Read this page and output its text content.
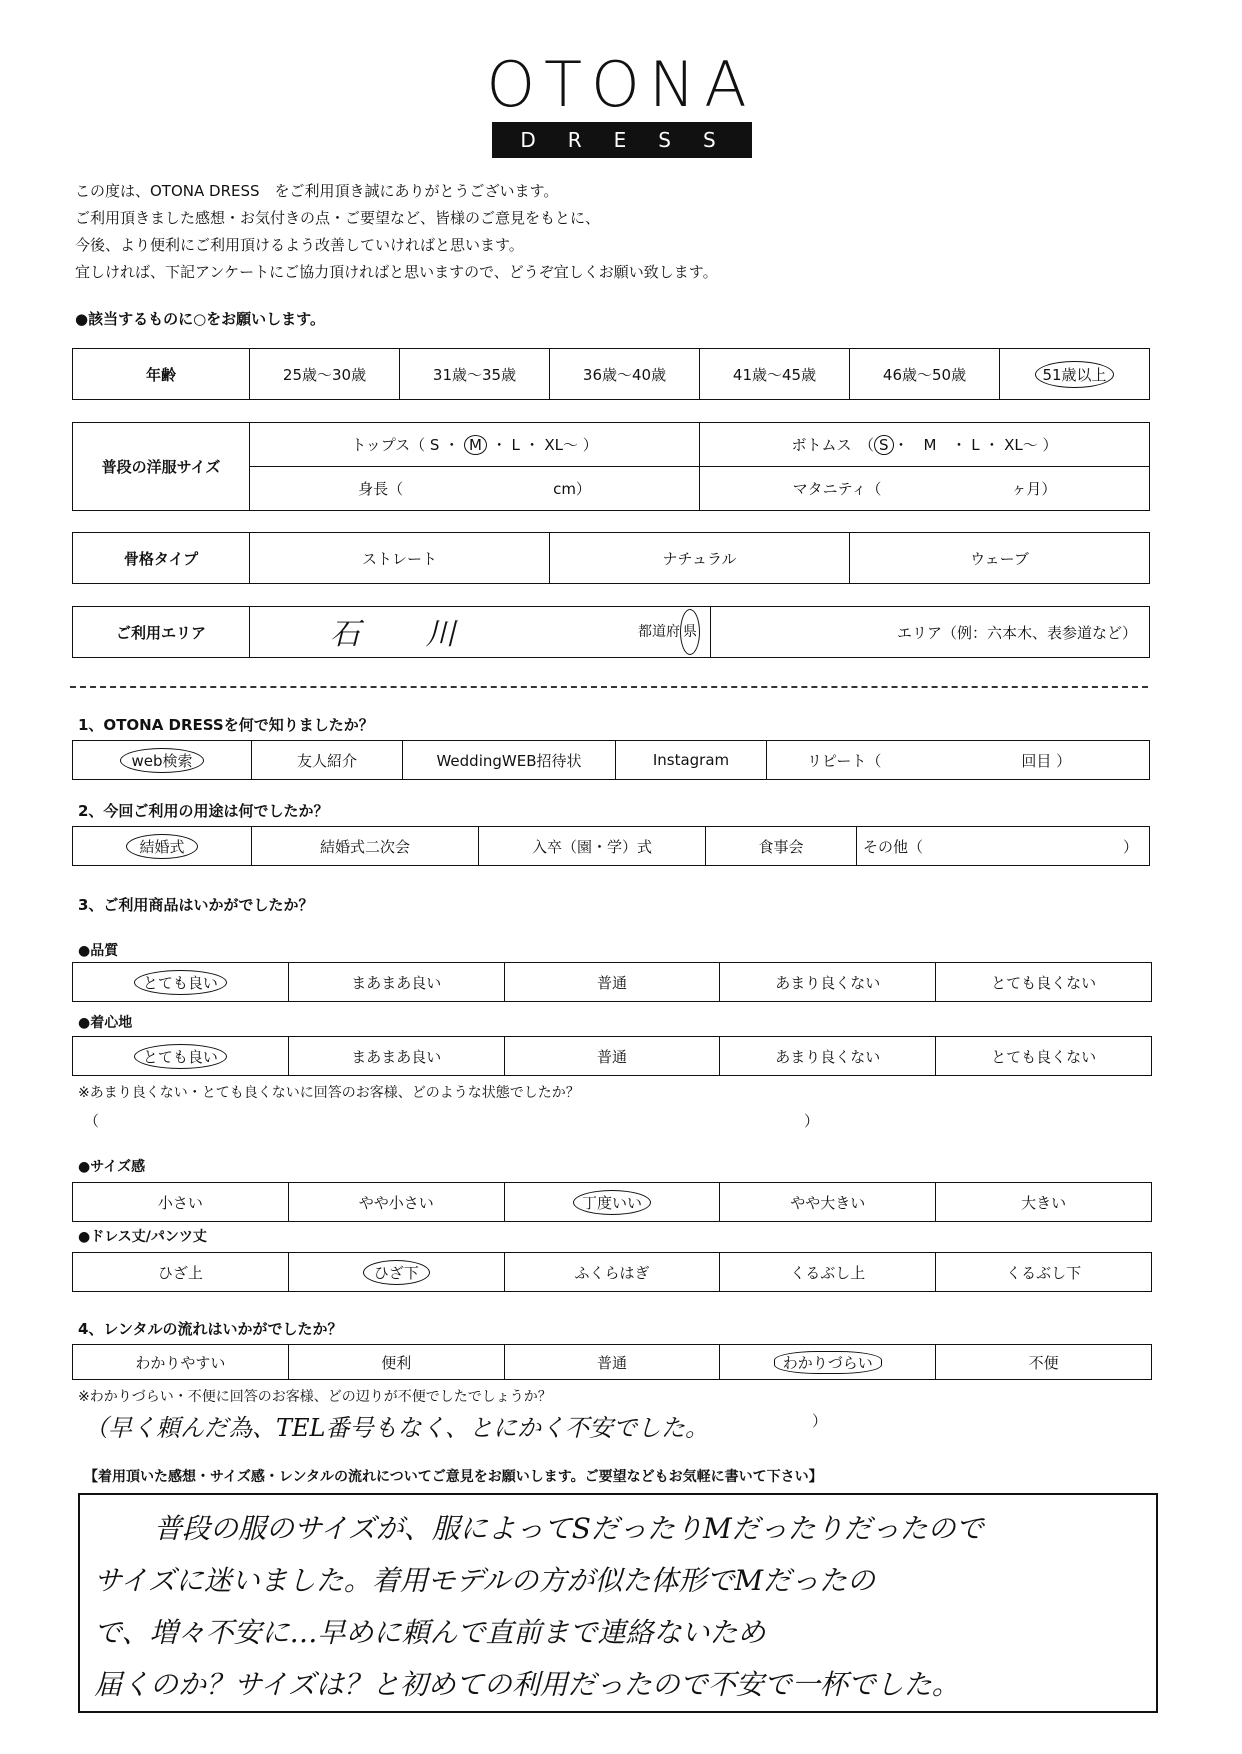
OTONA
DRESS
この度は、OTONA DRESS　をご利用頂き誠にありがとうございます。
ご利用頂きました感想・お気付きの点・ご要望など、皆様のご意見をもとに、
今後、より便利にご利用頂けるよう改善していければと思います。
宜しければ、下記アンケートにご協力頂ければと思いますので、どうぞ宜しくお願い致します。
●該当するものに○をお願いします。
年齢	25歳～30歳	31歳～35歳	36歳～40歳	41歳～45歳	46歳～50歳	51歳以上
普段の洋服サイズ	トップス（ S ・ M ・ L ・ XL～ ）	ボトムス　（ S ・　M　・ L ・ XL～ ）
	身長（ cm）	マタニティ（ ヶ月）
骨格タイプ	ストレート	ナチュラル	ウェーブ
ご利用エリア	石 川	都道府 県	エリア（例：六本木、表参道など）
1、OTONA DRESSを何で知りましたか？
web検索	友人紹介	WeddingWEB招待状	Instagram	リピート（	回目 ）
2、今回ご利用の用途は何でしたか？
結婚式	結婚式二次会	入卒（園・学）式	食事会	その他（	）
3、ご利用商品はいかがでしたか？
●品質
とても良い	まあまあ良い	普通	あまり良くない	とても良くない
●着心地
とても良い	まあまあ良い	普通	あまり良くない	とても良くない
※あまり良くない・とても良くないに回答のお客様、どのような状態でしたか？
（	）
●サイズ感
小さい	やや小さい	丁度いい	やや大きい	大きい
●ドレス丈/パンツ丈
ひざ上	ひざ下	ふくらはぎ	くるぶし上	くるぶし下
4、レンタルの流れはいかがでしたか？
わかりやすい	便利	普通	わかりづらい	不便
※わかりづらい・不便に回答のお客様、どの辺りが不便でしたでしょうか？
（早く頼んだ為、TEL番号もなく、とにかく不安でした。	）
【着用頂いた感想・サイズ感・レンタルの流れについてご意見をお願いします。ご要望などもお気軽に書いて下さい】
普段の服のサイズが、服によってSだったりMだったりだったので
サイズに迷いました。着用モデルの方が似た体形でMだったの
で、増々不安に…早めに頼んで直前まで連絡ないため
届くのか？サイズは？と初めての利用だったので不安で一杯でした。
